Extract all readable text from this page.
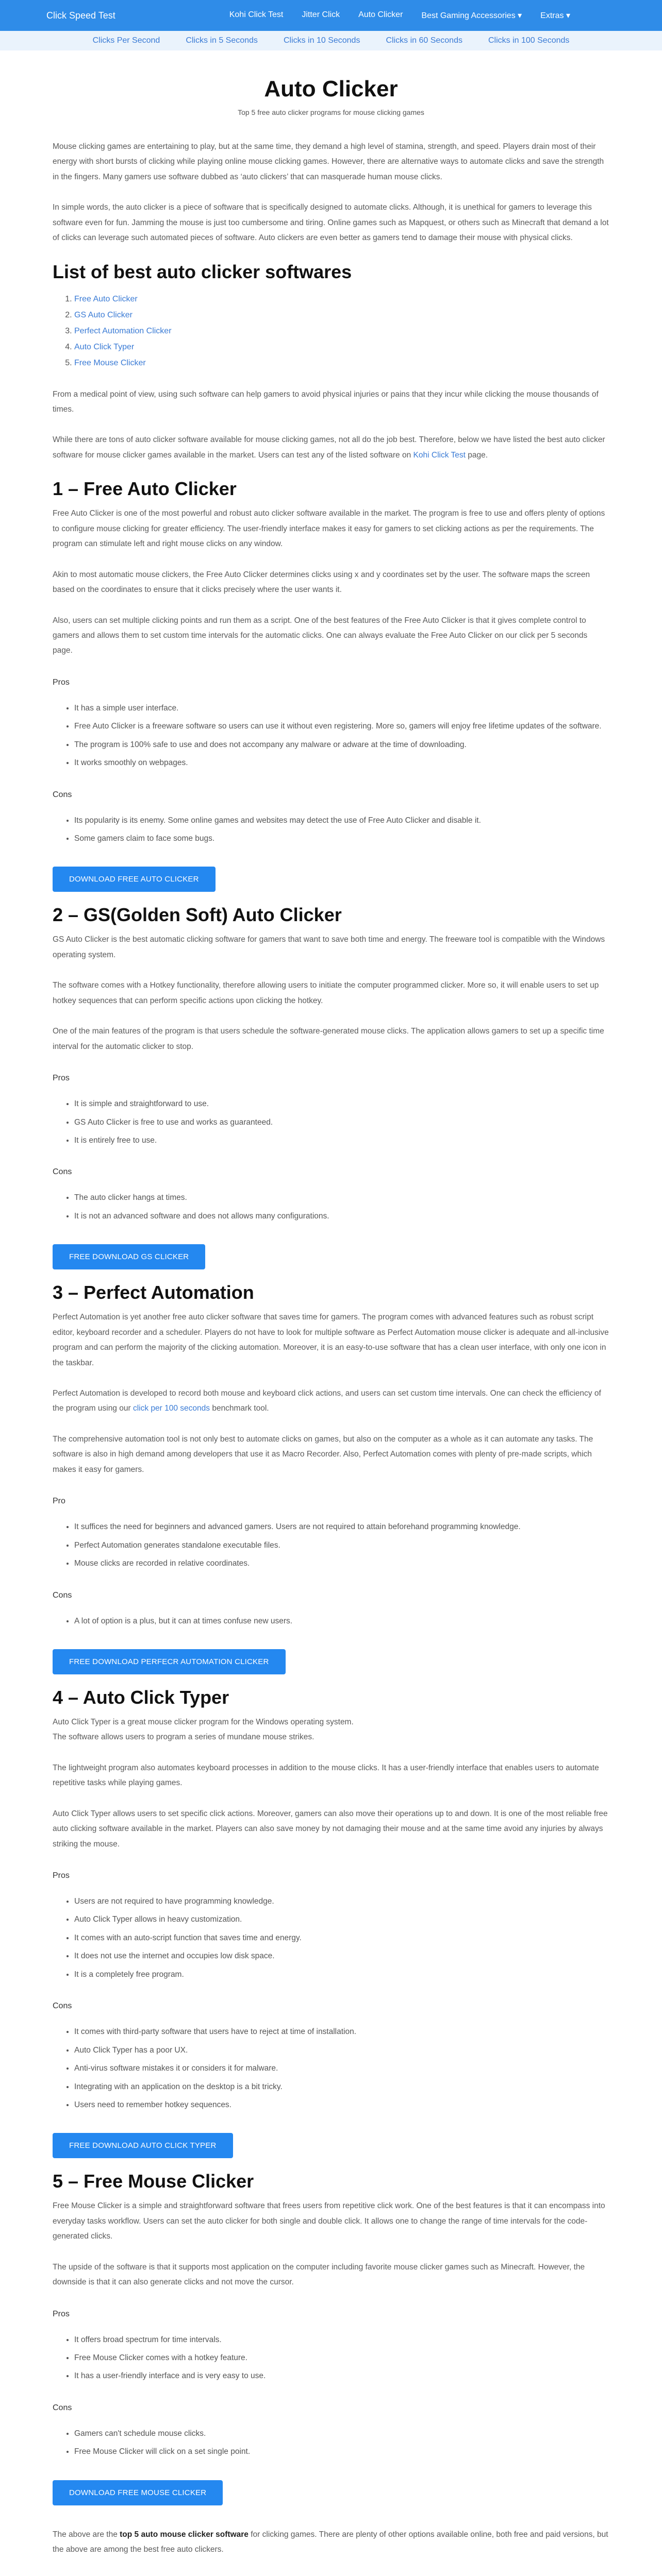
Click Speed Test	Kohi Click Test	Jitter Click	Auto Clicker	Best Gaming Accessories ▾	Extras ▾
Clicks Per Second	Clicks in 5 Seconds	Clicks in 10 Seconds	Clicks in 60 Seconds	Clicks in 100 Seconds
Auto Clicker
Top 5 free auto clicker programs for mouse clicking games

Mouse clicking games are entertaining to play, but at the same time, they demand a high level of stamina, strength, and speed. Players drain most of their energy with short bursts of clicking while playing online mouse clicking games. However, there are alternative ways to automate clicks and save the strength in the fingers. Many gamers use software dubbed as ‘auto clickers’ that can masquerade human mouse clicks.

In simple words, the auto clicker is a piece of software that is specifically designed to automate clicks. Although, it is unethical for gamers to leverage this software even for fun. Jamming the mouse is just too cumbersome and tiring. Online games such as Mapquest, or others such as Minecraft that demand a lot of clicks can leverage such automated pieces of software. Auto clickers are even better as gamers tend to damage their mouse with physical clicks.

List of best auto clicker softwares
1. Free Auto Clicker
2. GS Auto Clicker
3. Perfect Automation Clicker
4. Auto Click Typer
5. Free Mouse Clicker

From a medical point of view, using such software can help gamers to avoid physical injuries or pains that they incur while clicking the mouse thousands of times.

While there are tons of auto clicker software available for mouse clicking games, not all do the job best. Therefore, below we have listed the best auto clicker software for mouse clicker games available in the market. Users can test any of the listed software on Kohi Click Test page.

1 – Free Auto Clicker

Free Auto Clicker is one of the most powerful and robust auto clicker software available in the market. The program is free to use and offers plenty of options to configure mouse clicking for greater efficiency. The user-friendly interface makes it easy for gamers to set clicking actions as per the requirements. The program can stimulate left and right mouse clicks on any window.

Akin to most automatic mouse clickers, the Free Auto Clicker determines clicks using x and y coordinates set by the user. The software maps the screen based on the coordinates to ensure that it clicks precisely where the user wants it.

Also, users can set multiple clicking points and run them as a script. One of the best features of the Free Auto Clicker is that it gives complete control to gamers and allows them to set custom time intervals for the automatic clicks. One can always evaluate the Free Auto Clicker on our click per 5 seconds page.

Pros
• It has a simple user interface.
• Free Auto Clicker is a freeware software so users can use it without even registering. More so, gamers will enjoy free lifetime updates of the software.
• The program is 100% safe to use and does not accompany any malware or adware at the time of downloading.
• It works smoothly on webpages.
Cons
• Its popularity is its enemy. Some online games and websites may detect the use of Free Auto Clicker and disable it.
• Some gamers claim to face some bugs.
DOWNLOAD FREE AUTO CLICKER
2 – GS(Golden Soft) Auto Clicker

GS Auto Clicker is the best automatic clicking software for gamers that want to save both time and energy. The freeware tool is compatible with the Windows operating system.

The software comes with a Hotkey functionality, therefore allowing users to initiate the computer programmed clicker. More so, it will enable users to set up hotkey sequences that can perform specific actions upon clicking the hotkey.

One of the main features of the program is that users schedule the software-generated mouse clicks. The application allows gamers to set up a specific time interval for the automatic clicker to stop.

Pros
• It is simple and straightforward to use.
• GS Auto Clicker is free to use and works as guaranteed.
• It is entirely free to use.
Cons
• The auto clicker hangs at times.
• It is not an advanced software and does not allows many configurations.
FREE DOWNLOAD GS CLICKER
3 – Perfect Automation

Perfect Automation is yet another free auto clicker software that saves time for gamers. The program comes with advanced features such as robust script editor, keyboard recorder and a scheduler. Players do not have to look for multiple software as Perfect Automation mouse clicker is adequate and all-inclusive program and can perform the majority of the clicking automation. Moreover, it is an easy-to-use software that has a clean user interface, with only one icon in the taskbar.

Perfect Automation is developed to record both mouse and keyboard click actions, and users can set custom time intervals. One can check the efficiency of the program using our click per 100 seconds benchmark tool.

The comprehensive automation tool is not only best to automate clicks on games, but also on the computer as a whole as it can automate any tasks. The software is also in high demand among developers that use it as Macro Recorder. Also, Perfect Automation comes with plenty of pre-made scripts, which makes it easy for gamers.

Pro
• It suffices the need for beginners and advanced gamers. Users are not required to attain beforehand programming knowledge.
• Perfect Automation generates standalone executable files.
• Mouse clicks are recorded in relative coordinates.
Cons
• A lot of option is a plus, but it can at times confuse new users.
FREE DOWNLOAD PERFECR AUTOMATION CLICKER
4 – Auto Click Typer

Auto Click Typer is a great mouse clicker program for the Windows operating system.
The software allows users to program a series of mundane mouse strikes.

The lightweight program also automates keyboard processes in addition to the mouse clicks. It has a user-friendly interface that enables users to automate repetitive tasks while playing games.

Auto Click Typer allows users to set specific click actions. Moreover, gamers can also move their operations up to and down. It is one of the most reliable free auto clicking software available in the market. Players can also save money by not damaging their mouse and at the same time avoid any injuries by always striking the mouse.

Pros
• Users are not required to have programming knowledge.
• Auto Click Typer allows in heavy customization.
• It comes with an auto-script function that saves time and energy.
• It does not use the internet and occupies low disk space.
• It is a completely free program.
Cons
• It comes with third-party software that users have to reject at time of installation.
• Auto Click Typer has a poor UX.
• Anti-virus software mistakes it or considers it for malware.
• Integrating with an application on the desktop is a bit tricky.
• Users need to remember hotkey sequences.
FREE DOWNLOAD AUTO CLICK TYPER
5 – Free Mouse Clicker

Free Mouse Clicker is a simple and straightforward software that frees users from repetitive click work. One of the best features is that it can encompass into everyday tasks workflow. Users can set the auto clicker for both single and double click. It allows one to change the range of time intervals for the code-generated clicks.

The upside of the software is that it supports most application on the computer including favorite mouse clicker games such as Minecraft. However, the downside is that it can also generate clicks and not move the cursor.

Pros
• It offers broad spectrum for time intervals.
• Free Mouse Clicker comes with a hotkey feature.
• It has a user-friendly interface and is very easy to use.
Cons
• Gamers can't schedule mouse clicks.
• Free Mouse Clicker will click on a set single point.
DOWNLOAD FREE MOUSE CLICKER

The above are the top 5 auto mouse clicker software for clicking games. There are plenty of other options available online, both free and paid versions, but the above are among the best free auto clickers.
